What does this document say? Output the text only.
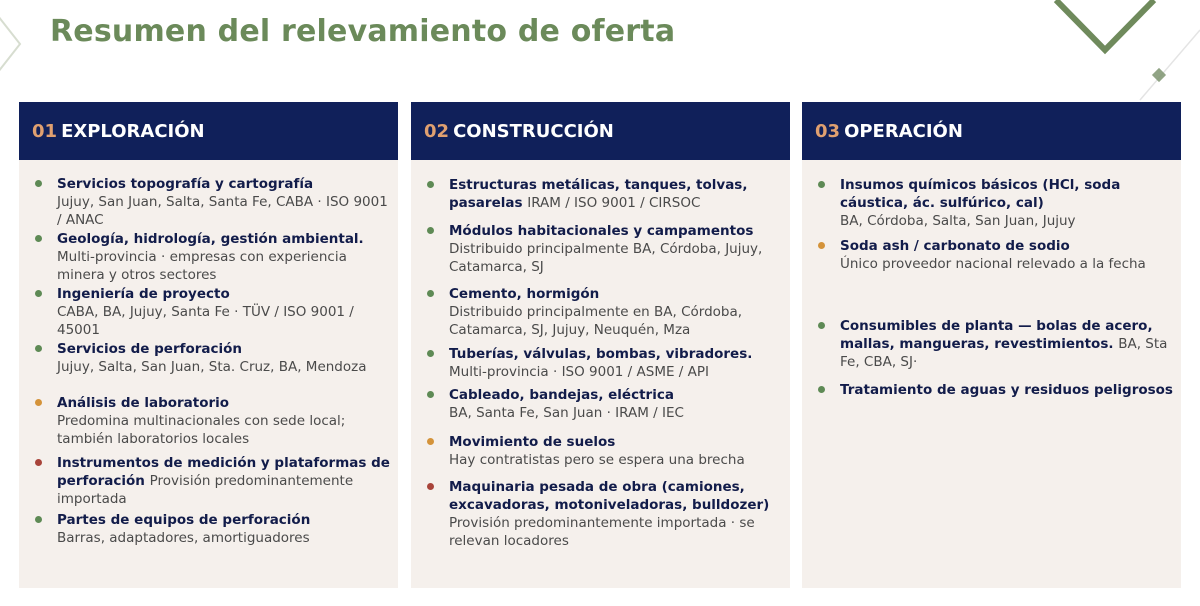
Resumen del relevamiento de oferta
01 EXPLORACIÓN
Servicios topografía y cartografía
Jujuy, San Juan, Salta, Santa Fe, CABA · ISO 9001 / ANAC
Geología, hidrología, gestión ambiental.
Multi-provincia · empresas con experiencia minera y otros sectores
Ingeniería de proyecto
CABA, BA, Jujuy, Santa Fe · TÜV / ISO 9001 / 45001
Servicios de perforación
Jujuy, Salta, San Juan, Sta. Cruz, BA, Mendoza
Análisis de laboratorio
Predomina multinacionales con sede local; también laboratorios locales
Instrumentos de medición y plataformas de perforación Provisión predominantemente importada
Partes de equipos de perforación
Barras, adaptadores, amortiguadores
02 CONSTRUCCIÓN
Estructuras metálicas, tanques, tolvas, pasarelas IRAM / ISO 9001 / CIRSOC
Módulos habitacionales y campamentos
Distribuido principalmente BA, Córdoba, Jujuy, Catamarca, SJ
Cemento, hormigón
Distribuido principalmente en BA, Córdoba, Catamarca, SJ, Jujuy, Neuquén, Mza
Tuberías, válvulas, bombas, vibradores.
Multi-provincia · ISO 9001 / ASME / API
Cableado, bandejas, eléctrica
BA, Santa Fe, San Juan · IRAM / IEC
Movimiento de suelos
Hay contratistas pero se espera una brecha
Maquinaria pesada de obra (camiones, excavadoras, motoniveladoras, bulldozer)
Provisión predominantemente importada · se relevan locadores
03 OPERACIÓN
Insumos químicos básicos (HCl, soda cáustica, ác. sulfúrico, cal)
BA, Córdoba, Salta, San Juan, Jujuy
Soda ash / carbonato de sodio
Único proveedor nacional relevado a la fecha
Consumibles de planta — bolas de acero, mallas, mangueras, revestimientos. BA, Sta Fe, CBA, SJ·
Tratamiento de aguas y residuos peligrosos
